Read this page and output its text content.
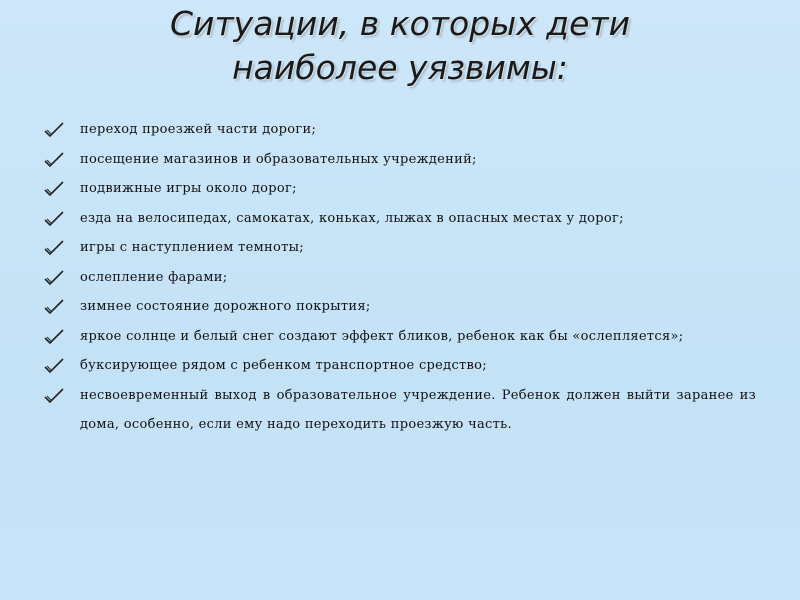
Ситуации, в которых дети
наиболее уязвимы:
переход проезжей части дороги;
посещение магазинов и образовательных учреждений;
подвижные игры около дорог;
езда на велосипедах, самокатах, коньках, лыжах в опасных местах у дорог;
игры с наступлением темноты;
ослепление фарами;
зимнее состояние дорожного покрытия;
яркое солнце и белый снег создают эффект бликов, ребенок как бы «ослепляется»;
буксирующее рядом с ребенком транспортное средство;
несвоевременный выход в образовательное учреждение. Ребенок должен выйти заранее из дома, особенно, если ему надо переходить проезжую часть.
